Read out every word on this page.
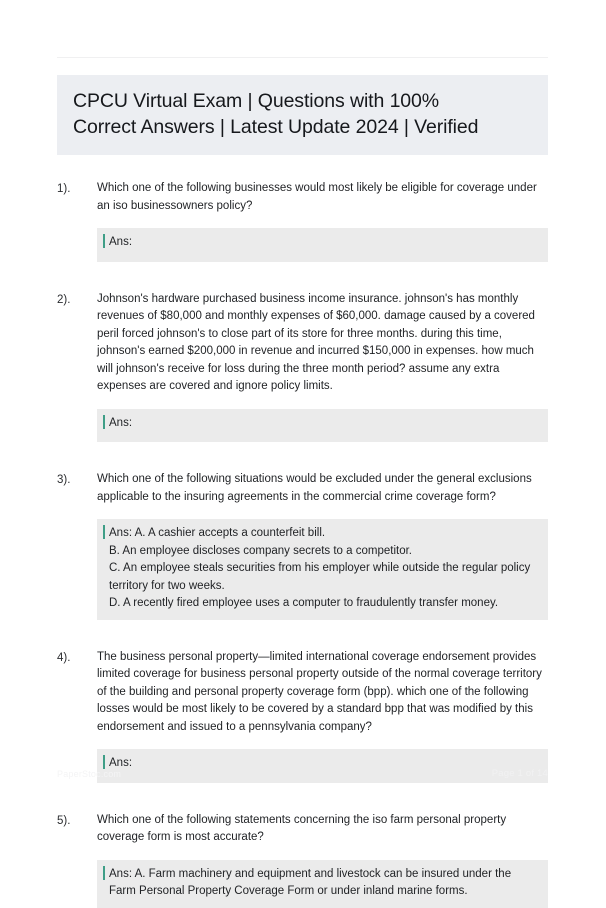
CPCU Virtual Exam | Questions with 100%
Correct Answers | Latest Update 2024 | Verified
1).	Which one of the following businesses would most likely be eligible for coverage under an iso businessowners policy?

Ans:
2).	Johnson's hardware purchased business income insurance. johnson's has monthly revenues of $80,000 and monthly expenses of $60,000. damage caused by a covered peril forced johnson's to close part of its store for three months. during this time, johnson's earned $200,000 in revenue and incurred $150,000 in expenses. how much will johnson's receive for loss during the three month period? assume any extra expenses are covered and ignore policy limits.

Ans:
3).	Which one of the following situations would be excluded under the general exclusions applicable to the insuring agreements in the commercial crime coverage form?

Ans: A. A cashier accepts a counterfeit bill.
B. An employee discloses company secrets to a competitor.
C. An employee steals securities from his employer while outside the regular policy territory for two weeks.
D. A recently fired employee uses a computer to fraudulently transfer money.
4).	The business personal property—limited international coverage endorsement provides limited coverage for business personal property outside of the normal coverage territory of the building and personal property coverage form (bpp). which one of the following losses would be most likely to be covered by a standard bpp that was modified by this endorsement and issued to a pennsylvania company?

Ans:
5).	Which one of the following statements concerning the iso farm personal property coverage form is most accurate?

Ans: A. Farm machinery and equipment and livestock can be insured under the Farm Personal Property Coverage Form or under inland marine forms.
PaperStoc.com	Page 1 of 14
